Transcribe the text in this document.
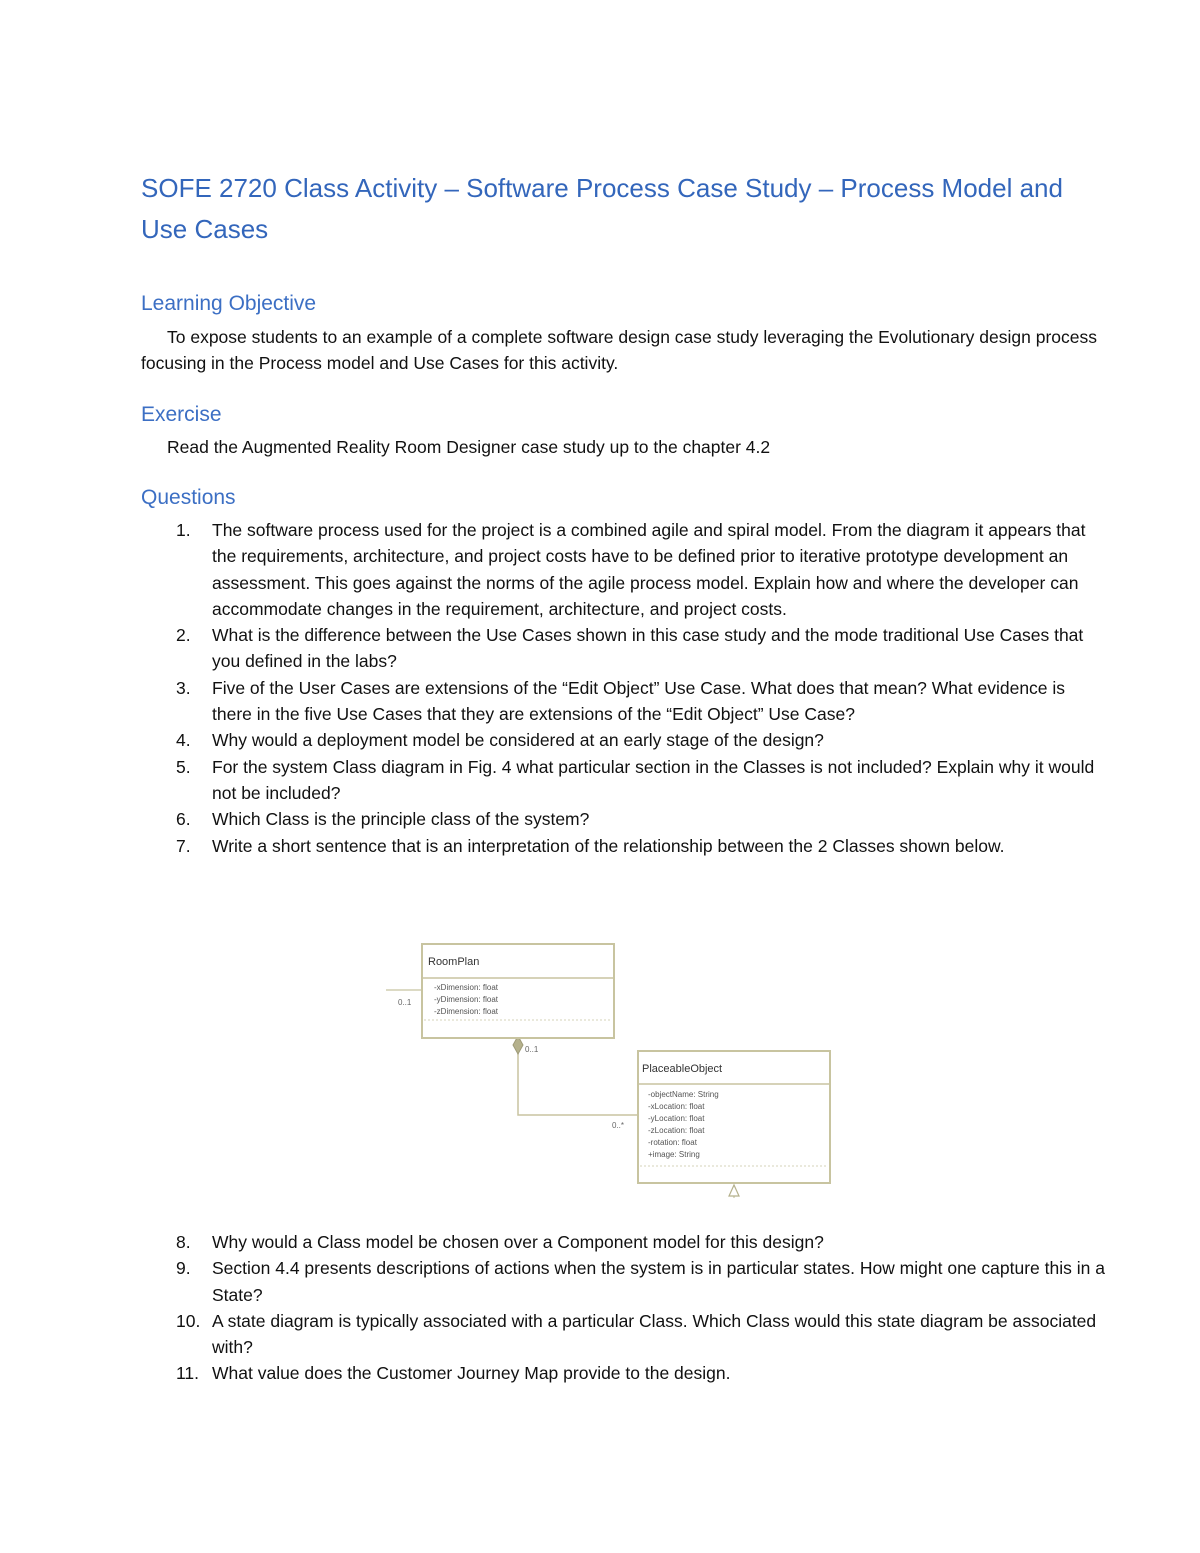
SOFE 2720 Class Activity – Software Process Case Study – Process Model and Use Cases
Learning Objective

To expose students to an example of a complete software design case study leveraging the Evolutionary design process focusing in the Process model and Use Cases for this activity.

Exercise

Read the Augmented Reality Room Designer case study up to the chapter 4.2

Questions
1. The software process used for the project is a combined agile and spiral model. From the diagram it appears that the requirements, architecture, and project costs have to be defined prior to iterative prototype development an assessment. This goes against the norms of the agile process model. Explain how and where the developer can accommodate changes in the requirement, architecture, and project costs.
2. What is the difference between the Use Cases shown in this case study and the mode traditional Use Cases that you defined in the labs?
3. Five of the User Cases are extensions of the “Edit Object” Use Case. What does that mean? What evidence is there in the five Use Cases that they are extensions of the “Edit Object” Use Case?
4. Why would a deployment model be considered at an early stage of the design?
5. For the system Class diagram in Fig. 4 what particular section in the Classes is not included? Explain why it would not be included?
6. Which Class is the principle class of the system?
7. Write a short sentence that is an interpretation of the relationship between the 2 Classes shown below.
0..1
0..1
0..*
RoomPlan
-xDimension: float
-yDimension: float
-zDimension: float
PlaceableObject
-objectName: String
-xLocation: float
-yLocation: float
-zLocation: float
-rotation: float
+image: String
8. Why would a Class model be chosen over a Component model for this design?
9. Section 4.4 presents descriptions of actions when the system is in particular states. How might one capture this in a State?
10. A state diagram is typically associated with a particular Class. Which Class would this state diagram be associated with?
11. What value does the Customer Journey Map provide to the design.
